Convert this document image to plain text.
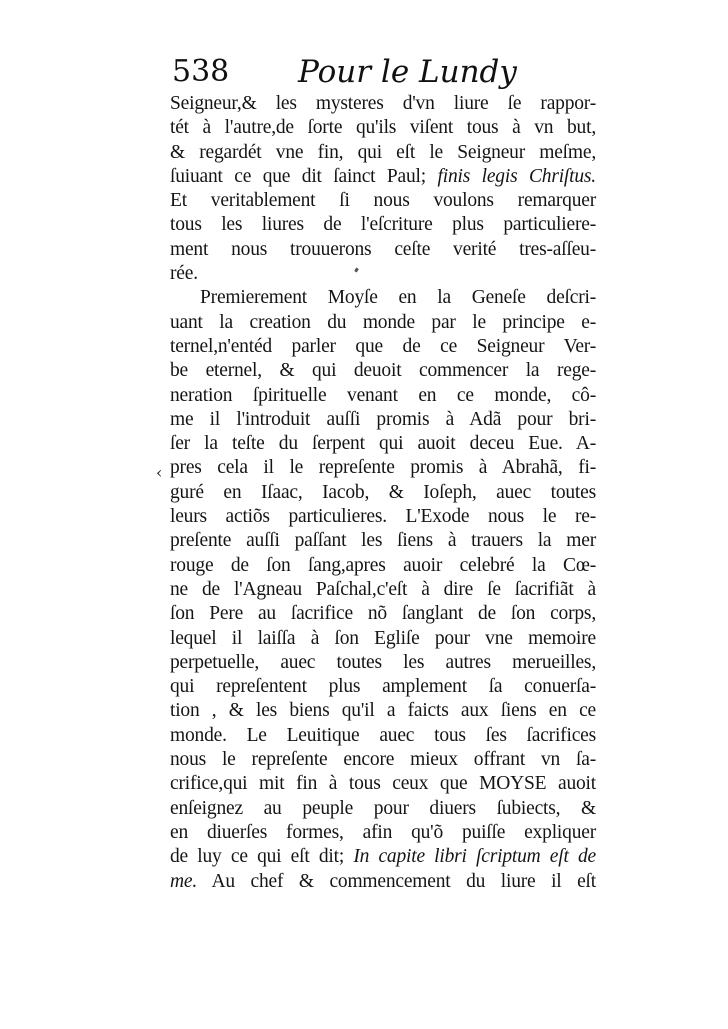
538 Pour le Lundy
‹
Seigneur,& les mysteres d'vn liure ſe rappor-
tét à l'autre,de ſorte qu'ils viſent tous à vn but,
& regardét vne fin, qui eſt le Seigneur meſme,
ſuiuant ce que dit ſainct Paul; finis legis Chriſtus.
Et veritablement ſi nous voulons remarquer
tous les liures de l'eſcriture plus particuliere-
ment nous trouuerons ceſte verité tres-aſſeu-
rée.
Premierement Moyſe en la Geneſe deſcri-
uant la creation du monde par le principe e-
ternel,n'entéd parler que de ce Seigneur Ver-
be eternel, & qui deuoit commencer la rege-
neration ſpirituelle venant en ce monde, cô-
me il l'introduit auſſi promis à Adã pour bri-
ſer la teſte du ſerpent qui auoit deceu Eue. A-
pres cela il le repreſente promis à Abrahã, fi-
guré en Iſaac, Iacob, & Ioſeph, auec toutes
leurs actiõs particulieres. L'Exode nous le re-
preſente auſſi paſſant les ſiens à trauers la mer
rouge de ſon ſang,apres auoir celebré la Cœ-
ne de l'Agneau Paſchal,c'eſt à dire ſe ſacrifiãt à
ſon Pere au ſacrifice nõ ſanglant de ſon corps,
lequel il laiſſa à ſon Egliſe pour vne memoire
perpetuelle, auec toutes les autres merueilles,
qui repreſentent plus amplement ſa conuerſa-
tion , & les biens qu'il a faicts aux ſiens en ce
monde. Le Leuitique auec tous ſes ſacrifices
nous le repreſente encore mieux offrant vn ſa-
crifice,qui mit fin à tous ceux que MOYSE auoit
enſeignez au peuple pour diuers ſubiects, &
en diuerſes formes, afin qu'õ puiſſe expliquer
de luy ce qui eſt dit; In capite libri ſcriptum eſt de
me. Au chef & commencement du liure il eſt
